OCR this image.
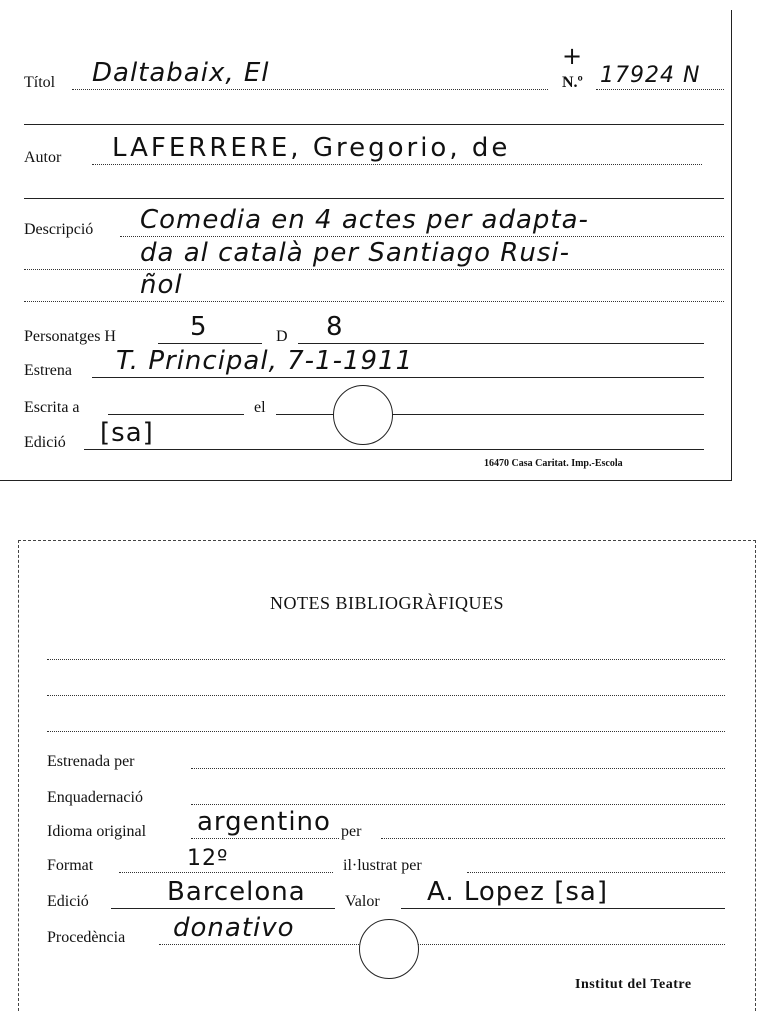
Títol Daltabaix, El	N.º
+
17924 N
Autor LAFERRERE, Gregorio, de
Descripció Comedia en 4 actes per adapta-
da al català per Santiago Rusi-
ñol
Personatges H	5	D 8
Estrena T. Principal, 7-1-1911
Escrita a	el
Edició [sa]
16470 Casa Caritat. Imp.-Escola
NOTES BIBLIOGRÀFIQUES
Estrenada per
Enquadernació
Idioma original argentino per
Format	12º	il·lustrat per
Edició	Barcelona Valor A. Lopez [sa]
Procedència donativo
Institut del Teatre
